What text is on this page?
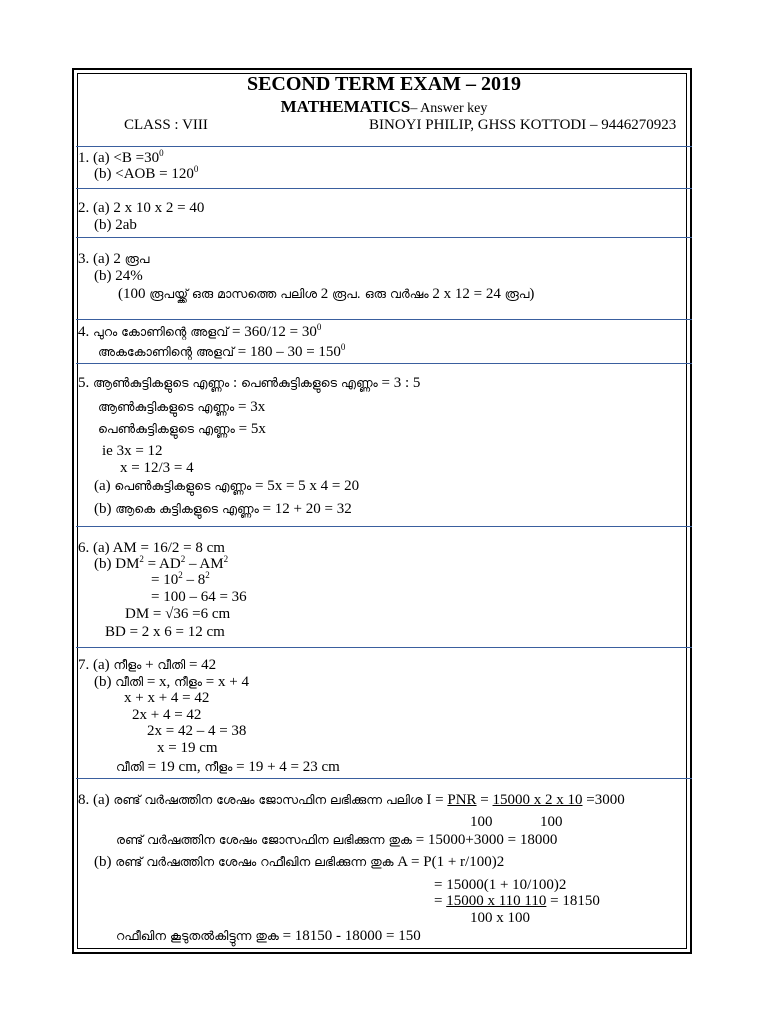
SECOND TERM EXAM – 2019
MATHEMATICS– Answer key
CLASS : VIII	BINOYI PHILIP, GHSS KOTTODI – 9446270923
1. $(a) <B =30^0$
$(b) <AOB = 120^0$
2. (a) 2 x 10 x 2 = 40
(b) 2ab
3. (a) 2 രൂപ
(b) 24%
(100 രൂപയ്ക്ക് ഒരു മാസത്തെ പലിശ 2 രൂപ. ഒരു വർഷം 2 x 12 = 24 രൂപ)
4. പുറം കോണിന്റെ അളവ് = $360/12 = 30^0$
അകകോണിന്റെ അളവ് = $180 - 30 = 150^0$
5. ആൺകുട്ടികളുടെ എണ്ണം : പെൺകുട്ടികളുടെ എണ്ണം = 3 : 5
ആൺകുട്ടികളുടെ എണ്ണം = 3x
പെൺകുട്ടികളുടെ എണ്ണം = 5x
ie 3x = 12
x = 12/3 = 4
(a) പെൺകുട്ടികളുടെ എണ്ണം = 5x = 5 x 4 = 20
(b) ആകെ കുട്ടികളുടെ എണ്ണം = 12 + 20 = 32
6. (a) AM = 16/2 = 8 cm
(b) $DM^2 = AD^2 - AM^2$
= $10^2 - 8^2$
= 100 – 64 = 36
DM = √36 =6 cm
BD = 2 x 6 = 12 cm
7. (a) നീളം + വീതി = 42
(b) വീതി = x, നീളം = x + 4
x + x + 4 = 42
2x + 4 = 42
2x = 42 – 4 = 38
x = 19 cm
വീതി = 19 cm, നീളം = 19 + 4 = 23 cm
8. (a) രണ്ട് വർഷത്തിന ശേഷം ജോസഫിന ലഭിക്കുന്ന പലിശ I = PNR = 15000 x 2 x 10 =3000
100	100
രണ്ട് വർഷത്തിന ശേഷം ജോസഫിന ലഭിക്കുന്ന തുക = 15000+3000 = 18000
(b) രണ്ട് വർഷത്തിന ശേഷം റഫീഖിന ലഭിക്കുന്ന തുക A = P(1 + r/100)2
= 15000(1 + 10/100)2
= 15000 x 110 110 = 18150
100 x 100
റഫീഖിന കൂടുതൽകിട്ടുന്ന തുക = 18150 - 18000 = 150
